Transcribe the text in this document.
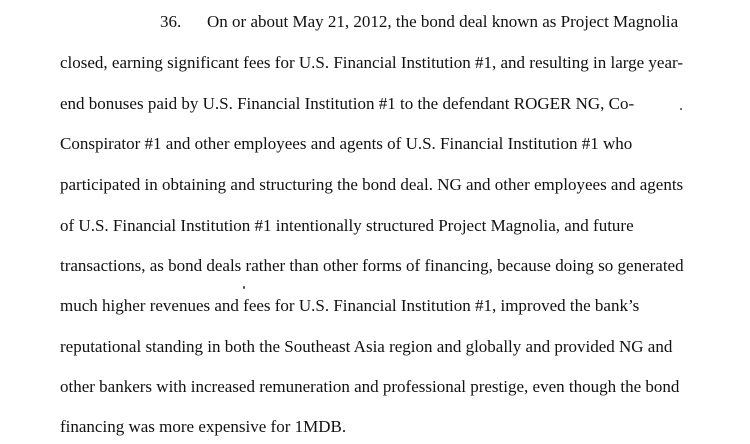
36. On or about May 21, 2012, the bond deal known as Project Magnolia
closed, earning significant fees for U.S. Financial Institution #1, and resulting in large year-
end bonuses paid by U.S. Financial Institution #1 to the defendant ROGER NG, Co-
Conspirator #1 and other employees and agents of U.S. Financial Institution #1 who
participated in obtaining and structuring the bond deal. NG and other employees and agents
of U.S. Financial Institution #1 intentionally structured Project Magnolia, and future
transactions, as bond deals rather than other forms of financing, because doing so generated
much higher revenues and fees for U.S. Financial Institution #1, improved the bank’s
reputational standing in both the Southeast Asia region and globally and provided NG and
other bankers with increased remuneration and professional prestige, even though the bond
financing was more expensive for 1MDB.
